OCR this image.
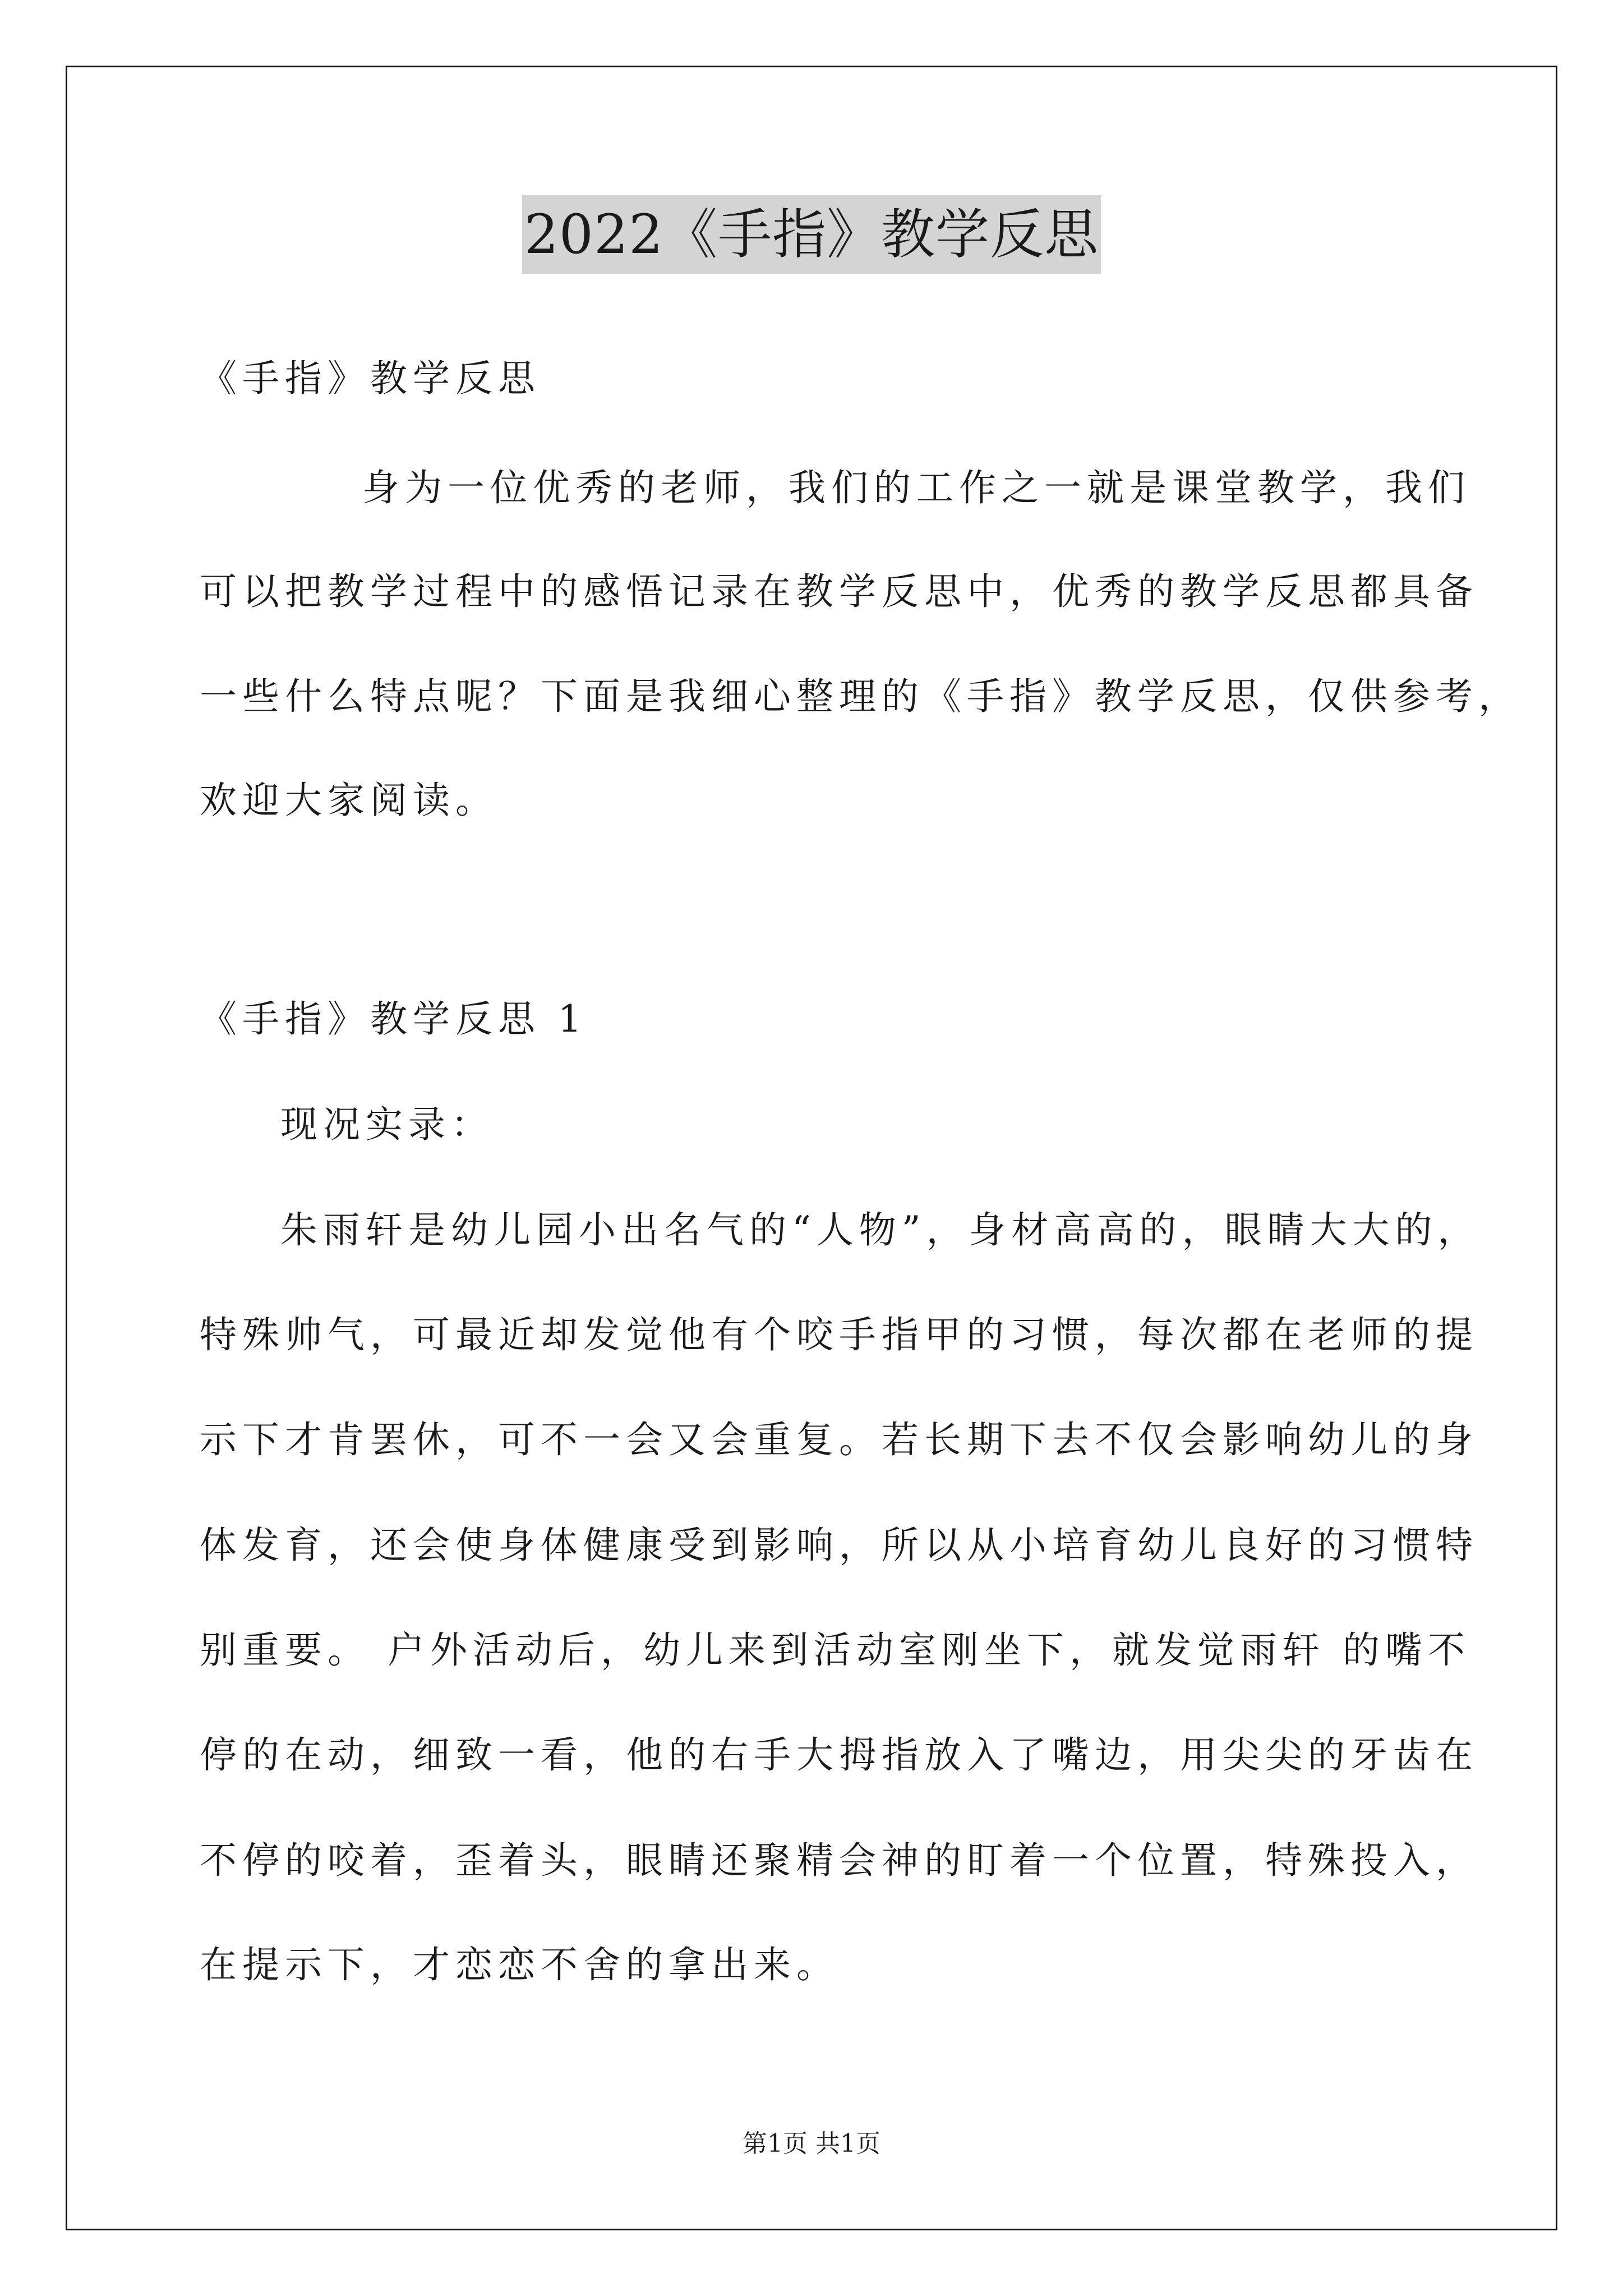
2022《手指》教学反思
《手指》教学反思
身为一位优秀的老师，我们的工作之一就是课堂教学，我们
可以把教学过程中的感悟记录在教学反思中，优秀的教学反思都具备
一些什么特点呢？下面是我细心整理的《手指》教学反思，仅供参考，
欢迎大家阅读。
《手指》教学反思 1
现况实录：
朱雨轩是幼儿园小出名气的“人物”，身材高高的，眼睛大大的，
特殊帅气，可最近却发觉他有个咬手指甲的习惯，每次都在老师的提
示下才肯罢休，可不一会又会重复。若长期下去不仅会影响幼儿的身
体发育，还会使身体健康受到影响，所以从小培育幼儿良好的习惯特
别重要。 户外活动后，幼儿来到活动室刚坐下，就发觉雨轩 的嘴不
停的在动，细致一看，他的右手大拇指放入了嘴边，用尖尖的牙齿在
不停的咬着，歪着头，眼睛还聚精会神的盯着一个位置，特殊投入，
在提示下，才恋恋不舍的拿出来。
第1页 共1页
